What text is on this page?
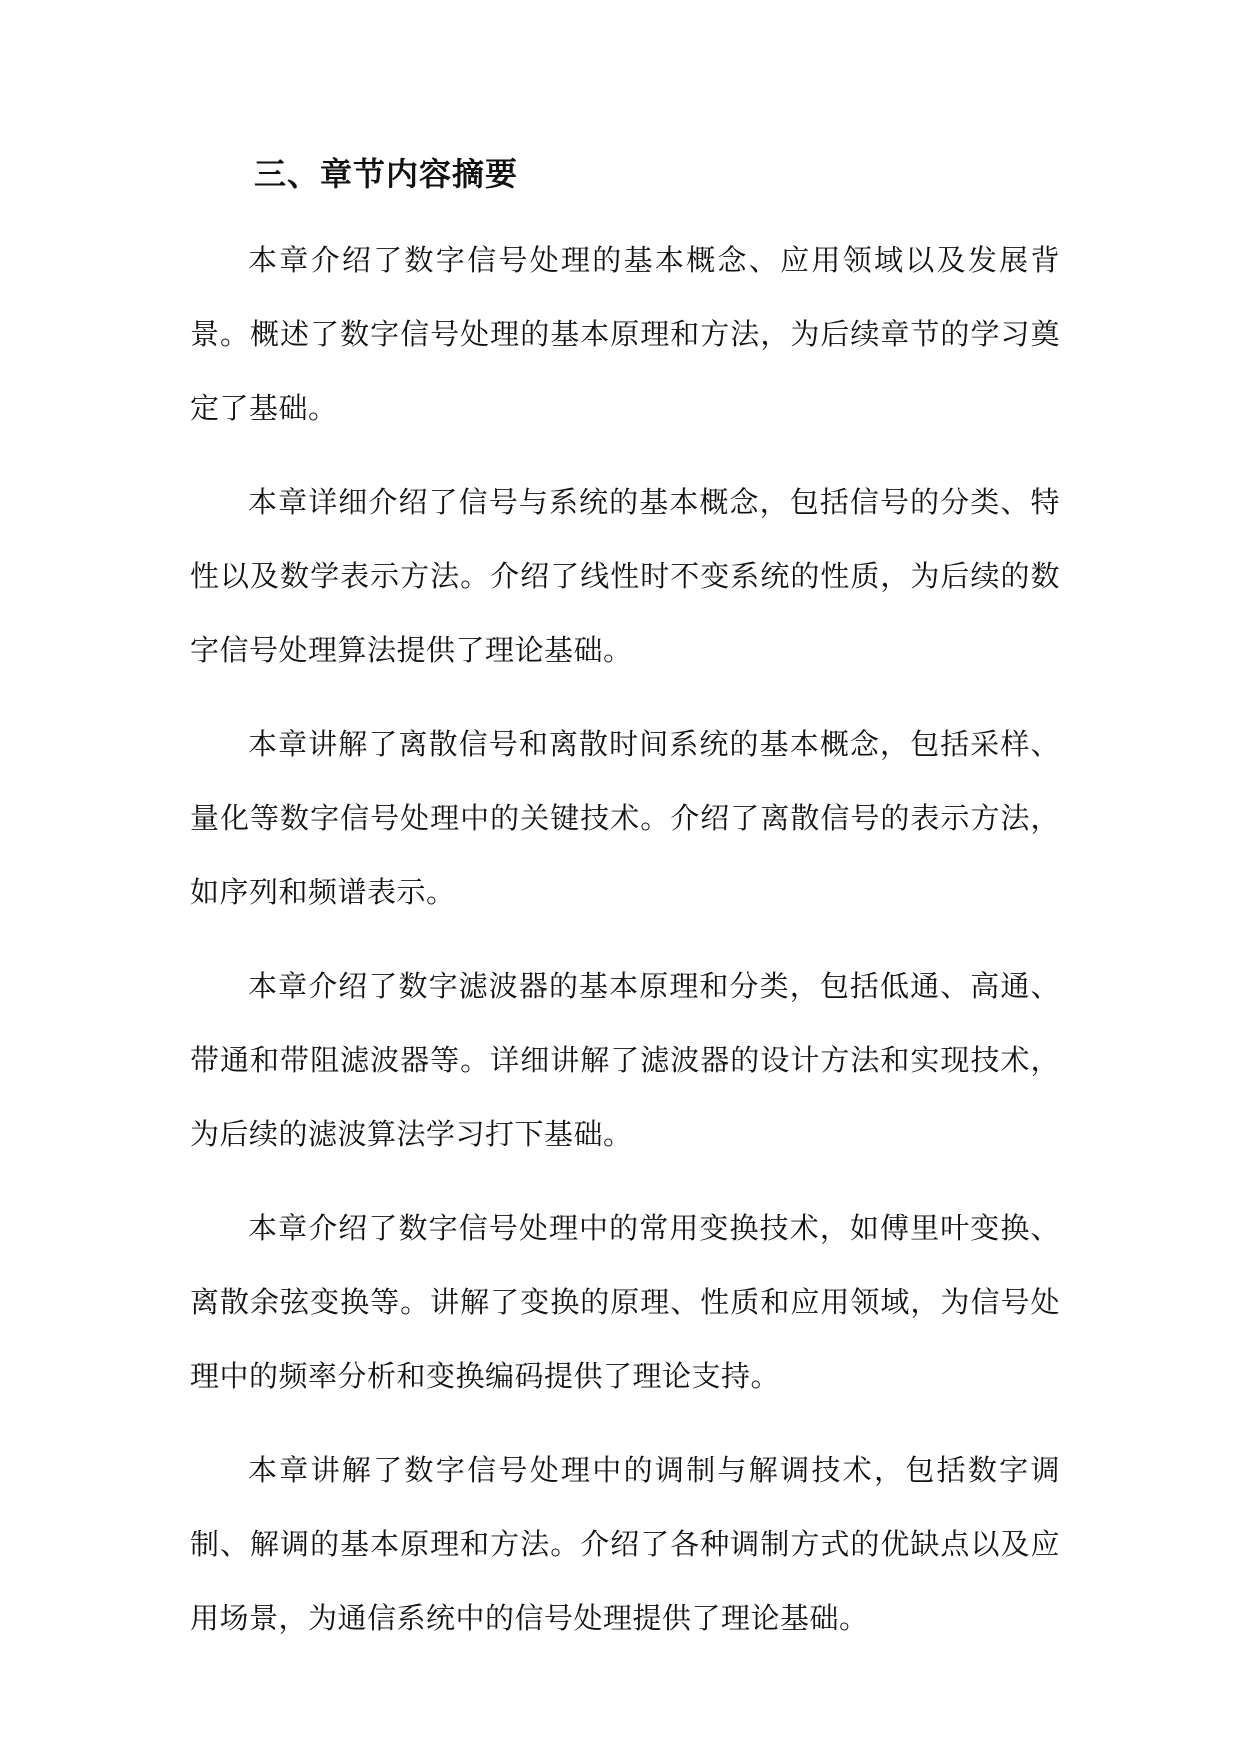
三、章节内容摘要

本章介绍了数字信号处理的基本概念、应用领域以及发展背景。概述了数字信号处理的基本原理和方法，为后续章节的学习奠定了基础。

本章详细介绍了信号与系统的基本概念，包括信号的分类、特性以及数学表示方法。介绍了线性时不变系统的性质，为后续的数字信号处理算法提供了理论基础。

本章讲解了离散信号和离散时间系统的基本概念，包括采样、量化等数字信号处理中的关键技术。介绍了离散信号的表示方法，如序列和频谱表示。

本章介绍了数字滤波器的基本原理和分类，包括低通、高通、带通和带阻滤波器等。详细讲解了滤波器的设计方法和实现技术，为后续的滤波算法学习打下基础。

本章介绍了数字信号处理中的常用变换技术，如傅里叶变换、离散余弦变换等。讲解了变换的原理、性质和应用领域，为信号处理中的频率分析和变换编码提供了理论支持。

本章讲解了数字信号处理中的调制与解调技术，包括数字调制、解调的基本原理和方法。介绍了各种调制方式的优缺点以及应用场景，为通信系统中的信号处理提供了理论基础。
